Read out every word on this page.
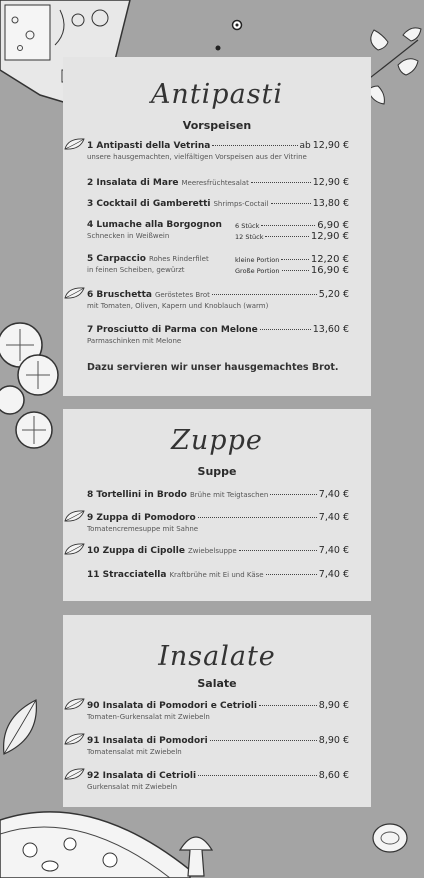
Antipasti
Vorspeisen
1 Antipasti della Vetrina	ab 12,90 €
unsere hausgemachten, vielfältigen Vorspeisen aus der Vitrine
2 Insalata di Mare Meeresfrüchtesalat	12,90 €
3 Cocktail di Gamberetti Shrimps-Coctail	13,80 €
4 Lumache alla Borgognon
Schnecken in Weißwein
6 Stück	6,90 €
12 Stück	12,90 €
5 Carpaccio Rohes Rinderfilet
in feinen Scheiben, gewürzt
kleine Portion	12,20 €
Große Portion	16,90 €
6 Bruschetta Geröstetes Brot	5,20 €
mit Tomaten, Oliven, Kapern und Knoblauch (warm)
7 Prosciutto di Parma con Melone	13,60 €
Parmaschinken mit Melone
Dazu servieren wir unser hausgemachtes Brot.
Zuppe
Suppe
8 Tortellini in Brodo Brühe mit Teigtaschen	7,40 €
9 Zuppa di Pomodoro	7,40 €
Tomatencremesuppe mit Sahne
10 Zuppa di Cipolle Zwiebelsuppe	7,40 €
11 Stracciatella Kraftbrühe mit Ei und Käse	7,40 €
Insalate
Salate
90 Insalata di Pomodori e Cetrioli	8,90 €
Tomaten-Gurkensalat mit Zwiebeln
91 Insalata di Pomodori	8,90 €
Tomatensalat mit Zwiebeln
92 Insalata di Cetrioli	8,60 €
Gurkensalat mit Zwiebeln
